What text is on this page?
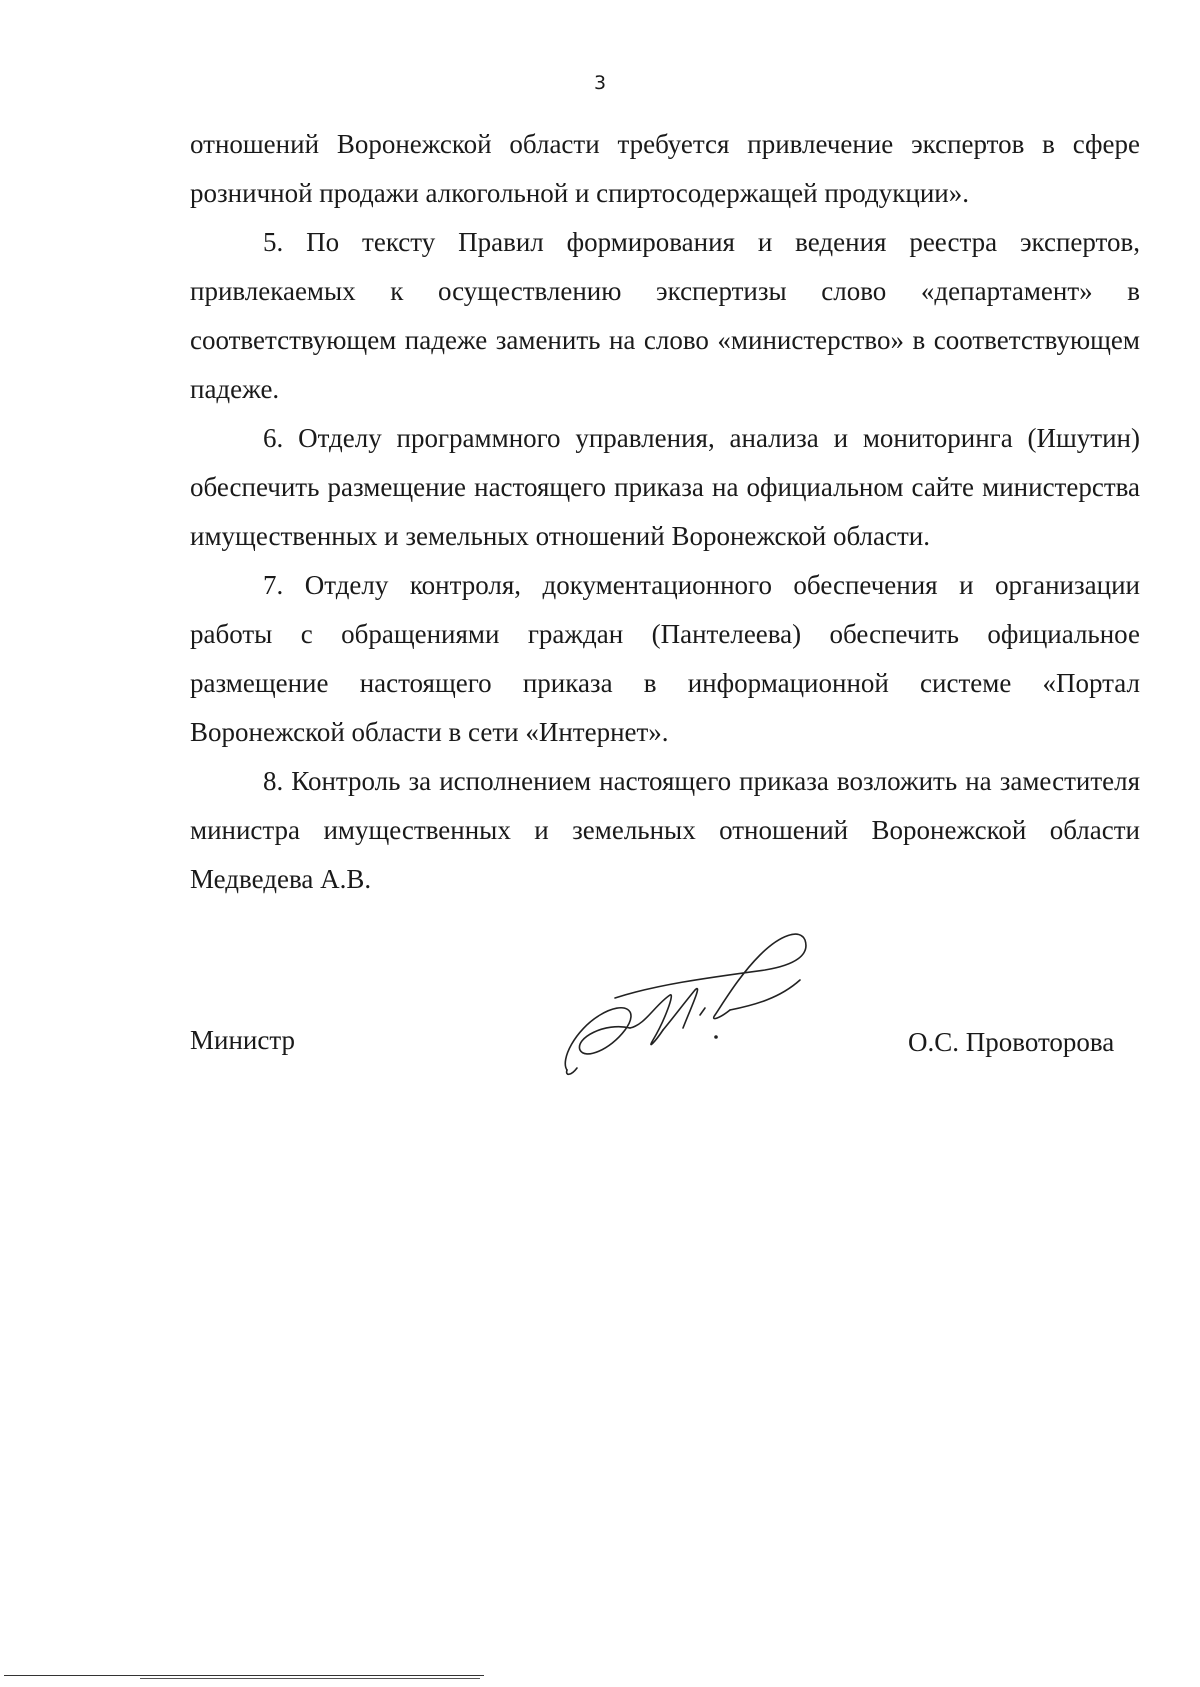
3

отношений Воронежской области требуется привлечение экспертов в сфере розничной продажи алкогольной и спиртосодержащей продукции».

5. По тексту Правил формирования и ведения реестра экспертов, привлекаемых к осуществлению экспертизы слово «департамент» в соответствующем падеже заменить на слово «министерство» в соответствующем падеже.

6. Отделу программного управления, анализа и мониторинга (Ишутин) обеспечить размещение настоящего приказа на официальном сайте министерства имущественных и земельных отношений Воронежской области.

7. Отделу контроля, документационного обеспечения и организации работы с обращениями граждан (Пантелеева) обеспечить официальное размещение настоящего приказа в информационной системе «Портал Воронежской области в сети «Интернет».

8. Контроль за исполнением настоящего приказа возложить на заместителя министра имущественных и земельных отношений Воронежской области Медведева А.В.

Министр	О.С. Провоторова
